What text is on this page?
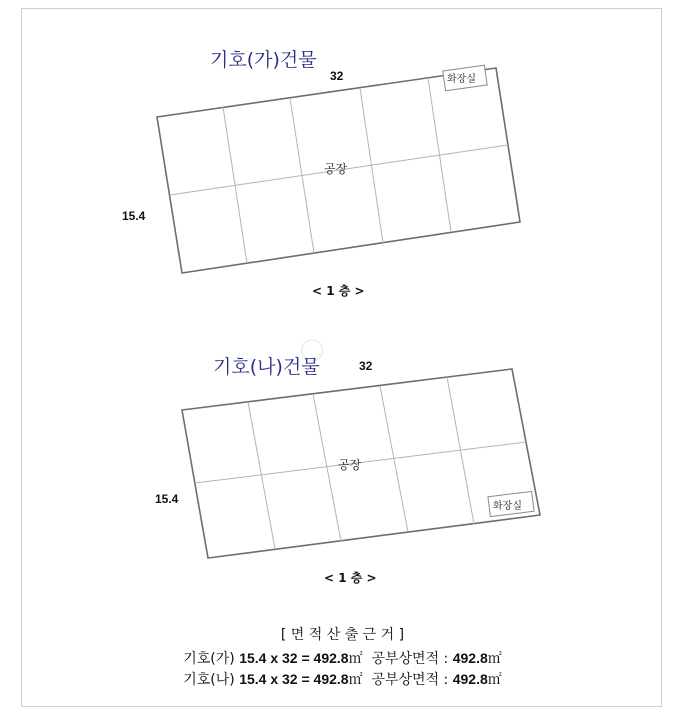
기호(가)건물
32
15.4
화장실
공장
< 1 층 >
◯
기호(나)건물	32
15.4
화장실
공장
< 1 층 >
[ 면 적 산 출 근 거 ]
기호(가) 15.4 x 32 = 492.8㎡ 공부상면적 : 492.8㎡
기호(나) 15.4 x 32 = 492.8㎡ 공부상면적 : 492.8㎡
